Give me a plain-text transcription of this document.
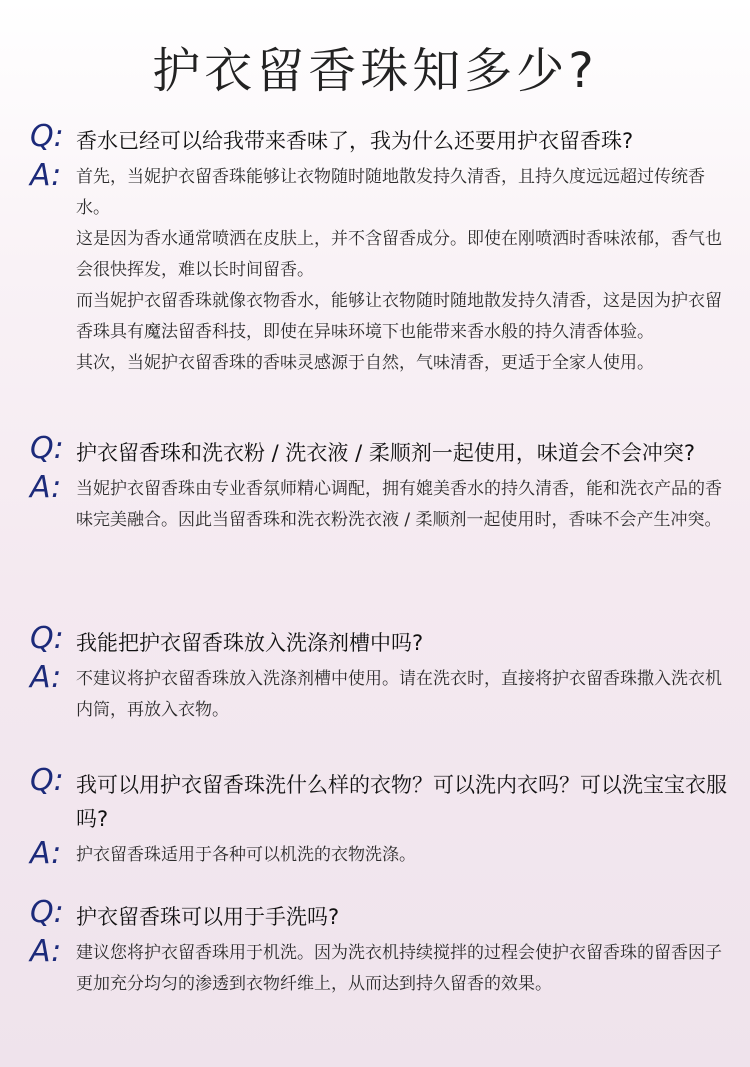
护衣留香珠知多少?
Q: 香水已经可以给我带来香味了，我为什么还要用护衣留香珠?
A: 首先，当妮护衣留香珠能够让衣物随时随地散发持久清香，且持久度远远超过传统香水。

这是因为香水通常喷洒在皮肤上，并不含留香成分。即使在刚喷洒时香味浓郁，香气也会很快挥发，难以长时间留香。

而当妮护衣留香珠就像衣物香水，能够让衣物随时随地散发持久清香，这是因为护衣留香珠具有魔法留香科技，即使在异味环境下也能带来香水般的持久清香体验。

其次，当妮护衣留香珠的香味灵感源于自然，气味清香，更适于全家人使用。

Q: 护衣留香珠和洗衣粉 / 洗衣液 / 柔顺剂一起使用，味道会不会冲突?
A: 当妮护衣留香珠由专业香氛师精心调配，拥有媲美香水的持久清香，能和洗衣产品的香味完美融合。因此当留香珠和洗衣粉洗衣液 / 柔顺剂一起使用时，香味不会产生冲突。

Q: 我能把护衣留香珠放入洗涤剂槽中吗?
A: 不建议将护衣留香珠放入洗涤剂槽中使用。请在洗衣时，直接将护衣留香珠撒入洗衣机内筒，再放入衣物。

Q: 我可以用护衣留香珠洗什么样的衣物？可以洗内衣吗？可以洗宝宝衣服吗?
A: 护衣留香珠适用于各种可以机洗的衣物洗涤。

Q: 护衣留香珠可以用于手洗吗?
A: 建议您将护衣留香珠用于机洗。因为洗衣机持续搅拌的过程会使护衣留香珠的留香因子更加充分均匀的渗透到衣物纤维上，从而达到持久留香的效果。
